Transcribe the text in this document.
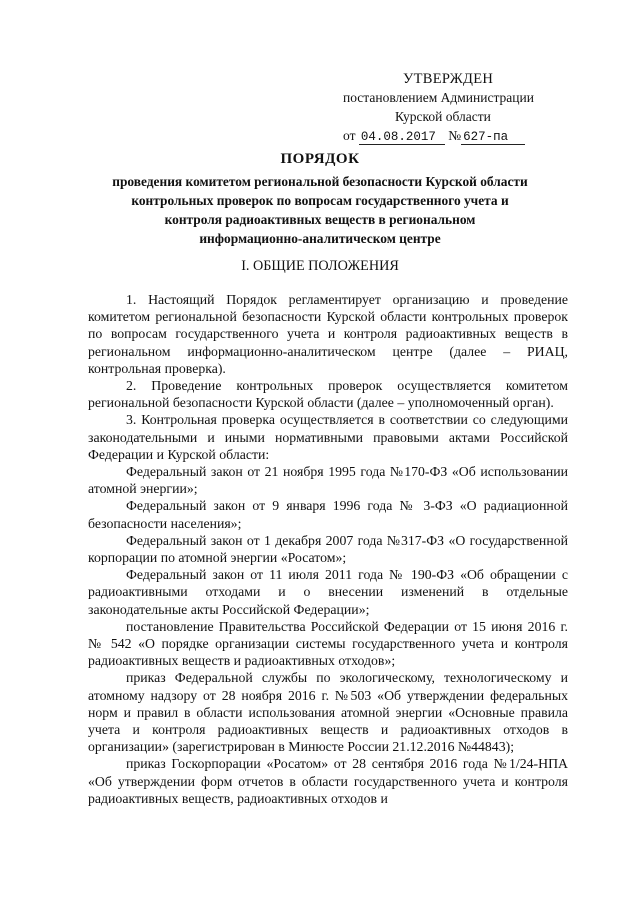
УТВЕРЖДЕН
постановлением Администрации
Курской области
от 04.08.2017 № 627-па
ПОРЯДОК
проведения комитетом региональной безопасности Курской области
контрольных проверок по вопросам государственного учета и
контроля радиоактивных веществ в региональном
информационно-аналитическом центре
I. ОБЩИЕ ПОЛОЖЕНИЯ

1. Настоящий Порядок регламентирует организацию и проведение комитетом региональной безопасности Курской области контрольных проверок по вопросам государственного учета и контроля радиоактивных веществ в региональном информационно-аналитическом центре (далее – РИАЦ, контрольная проверка).

2. Проведение контрольных проверок осуществляется комитетом региональной безопасности Курской области (далее – уполномоченный орган).

3. Контрольная проверка осуществляется в соответствии со следующими законодательными и иными нормативными правовыми актами Российской Федерации и Курской области:

Федеральный закон от 21 ноября 1995 года №170-ФЗ «Об использовании атомной энергии»;

Федеральный закон от 9 января 1996 года № 3-ФЗ «О радиационной безопасности населения»;

Федеральный закон от 1 декабря 2007 года №317-ФЗ «О государственной корпорации по атомной энергии «Росатом»;

Федеральный закон от 11 июля 2011 года № 190-ФЗ «Об обращении с радиоактивными отходами и о внесении изменений в отдельные законодательные акты Российской Федерации»;

постановление Правительства Российской Федерации от 15 июня 2016 г. № 542 «О порядке организации системы государственного учета и контроля радиоактивных веществ и радиоактивных отходов»;

приказ Федеральной службы по экологическому, технологическому и атомному надзору от 28 ноября 2016 г. №503 «Об утверждении федеральных норм и правил в области использования атомной энергии «Основные правила учета и контроля радиоактивных веществ и радиоактивных отходов в организации» (зарегистрирован в Минюсте России 21.12.2016 №44843);

приказ Госкорпорации «Росатом» от 28 сентября 2016 года №1/24-НПА «Об утверждении форм отчетов в области государственного учета и контроля радиоактивных веществ, радиоактивных отходов и
